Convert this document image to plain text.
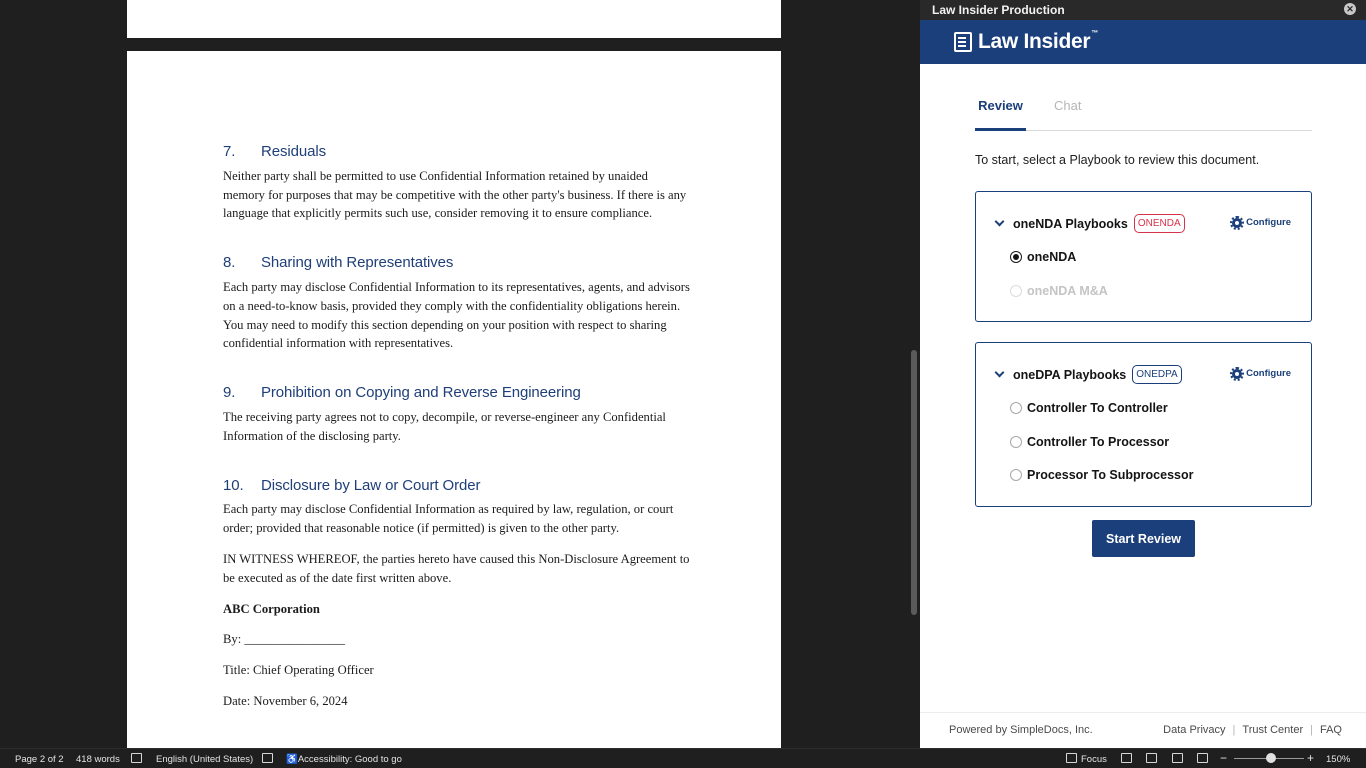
7.	Residuals
Neither party shall be permitted to use Confidential Information retained by unaided memory for purposes that may be competitive with the other party's business. If there is any language that explicitly permits such use, consider removing it to ensure compliance.
8.	Sharing with Representatives
Each party may disclose Confidential Information to its representatives, agents, and advisors on a need-to-know basis, provided they comply with the confidentiality obligations herein. You may need to modify this section depending on your position with respect to sharing confidential information with representatives.
9.	Prohibition on Copying and Reverse Engineering
The receiving party agrees not to copy, decompile, or reverse-engineer any Confidential Information of the disclosing party.
10.	Disclosure by Law or Court Order
Each party may disclose Confidential Information as required by law, regulation, or court order; provided that reasonable notice (if permitted) is given to the other party.
IN WITNESS WHEREOF, the parties hereto have caused this Non-Disclosure Agreement to be executed as of the date first written above.
ABC Corporation
By: ________________
Title: Chief Operating Officer
Date: November 6, 2024
Law Insider Production	✕
Law Insider™
Review Chat
To start, select a Playbook to review this document.
oneNDA Playbooks	ONENDA	Configure
oneNDA
oneNDA M&A
oneDPA Playbooks	ONEDPA	Configure
Controller To Controller
Controller To Processor
Processor To Subprocessor
Start Review
Powered by SimpleDocs, Inc.	Data Privacy | Trust Center | FAQ
Page 2 of 2 418 words	English (United States)	♿Accessibility: Good to go	Focus	−	+ 150%
